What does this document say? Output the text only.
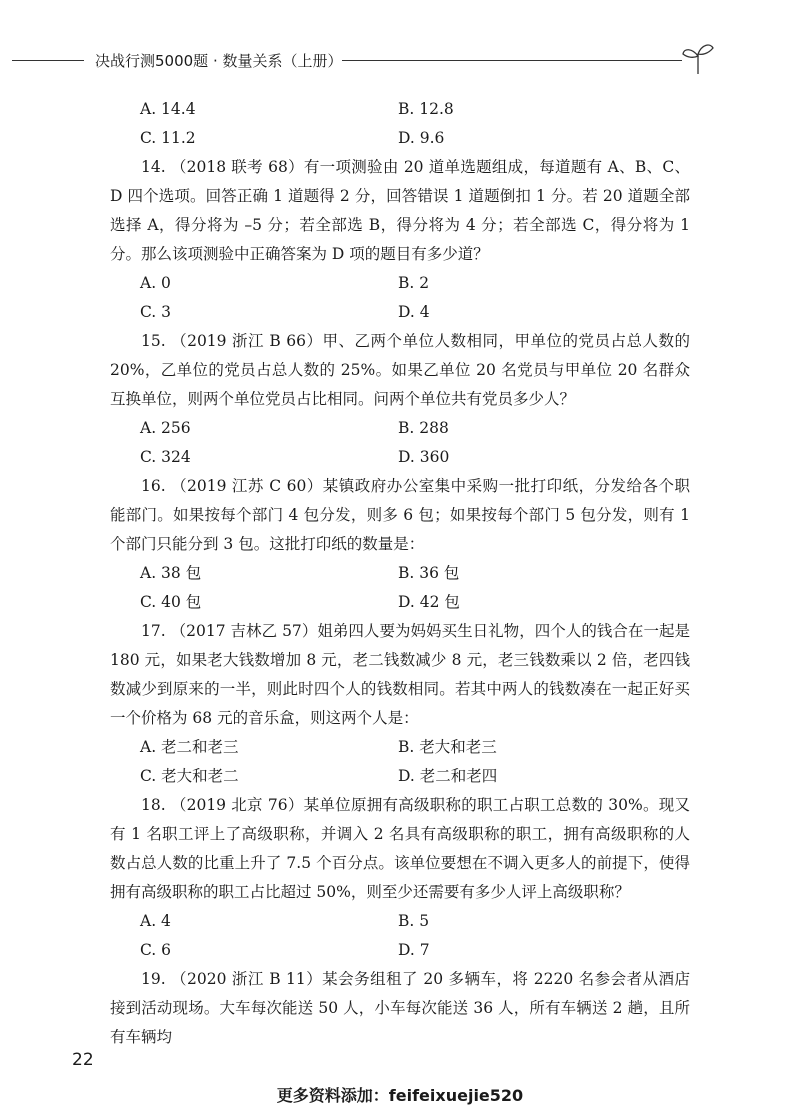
决战行测5000题 · 数量关系（上册）
A. 14.4	B. 12.8
C. 11.2	D. 9.6

14. （2018 联考 68）有一项测验由 20 道单选题组成，每道题有 A、B、C、D 四个选项。回答正确 1 道题得 2 分，回答错误 1 道题倒扣 1 分。若 20 道题全部选择 A，得分将为 –5 分；若全部选 B，得分将为 4 分；若全部选 C，得分将为 1 分。那么该项测验中正确答案为 D 项的题目有多少道？

A. 0	B. 2
C. 3	D. 4

15. （2019 浙江 B 66）甲、乙两个单位人数相同，甲单位的党员占总人数的 20%，乙单位的党员占总人数的 25%。如果乙单位 20 名党员与甲单位 20 名群众互换单位，则两个单位党员占比相同。问两个单位共有党员多少人？

A. 256	B. 288
C. 324	D. 360

16. （2019 江苏 C 60）某镇政府办公室集中采购一批打印纸，分发给各个职能部门。如果按每个部门 4 包分发，则多 6 包；如果按每个部门 5 包分发，则有 1 个部门只能分到 3 包。这批打印纸的数量是：

A. 38 包	B. 36 包
C. 40 包	D. 42 包

17. （2017 吉林乙 57）姐弟四人要为妈妈买生日礼物，四个人的钱合在一起是 180 元，如果老大钱数增加 8 元，老二钱数减少 8 元，老三钱数乘以 2 倍，老四钱数减少到原来的一半，则此时四个人的钱数相同。若其中两人的钱数凑在一起正好买一个价格为 68 元的音乐盒，则这两个人是：

A. 老二和老三	B. 老大和老三
C. 老大和老二	D. 老二和老四

18. （2019 北京 76）某单位原拥有高级职称的职工占职工总数的 30%。现又有 1 名职工评上了高级职称，并调入 2 名具有高级职称的职工，拥有高级职称的人数占总人数的比重上升了 7.5 个百分点。该单位要想在不调入更多人的前提下，使得拥有高级职称的职工占比超过 50%，则至少还需要有多少人评上高级职称？

A. 4	B. 5
C. 6	D. 7

19. （2020 浙江 B 11）某会务组租了 20 多辆车，将 2220 名参会者从酒店接到活动现场。大车每次能送 50 人，小车每次能送 36 人，所有车辆送 2 趟，且所有车辆均

22
更多资料添加：feifeixuejie520
